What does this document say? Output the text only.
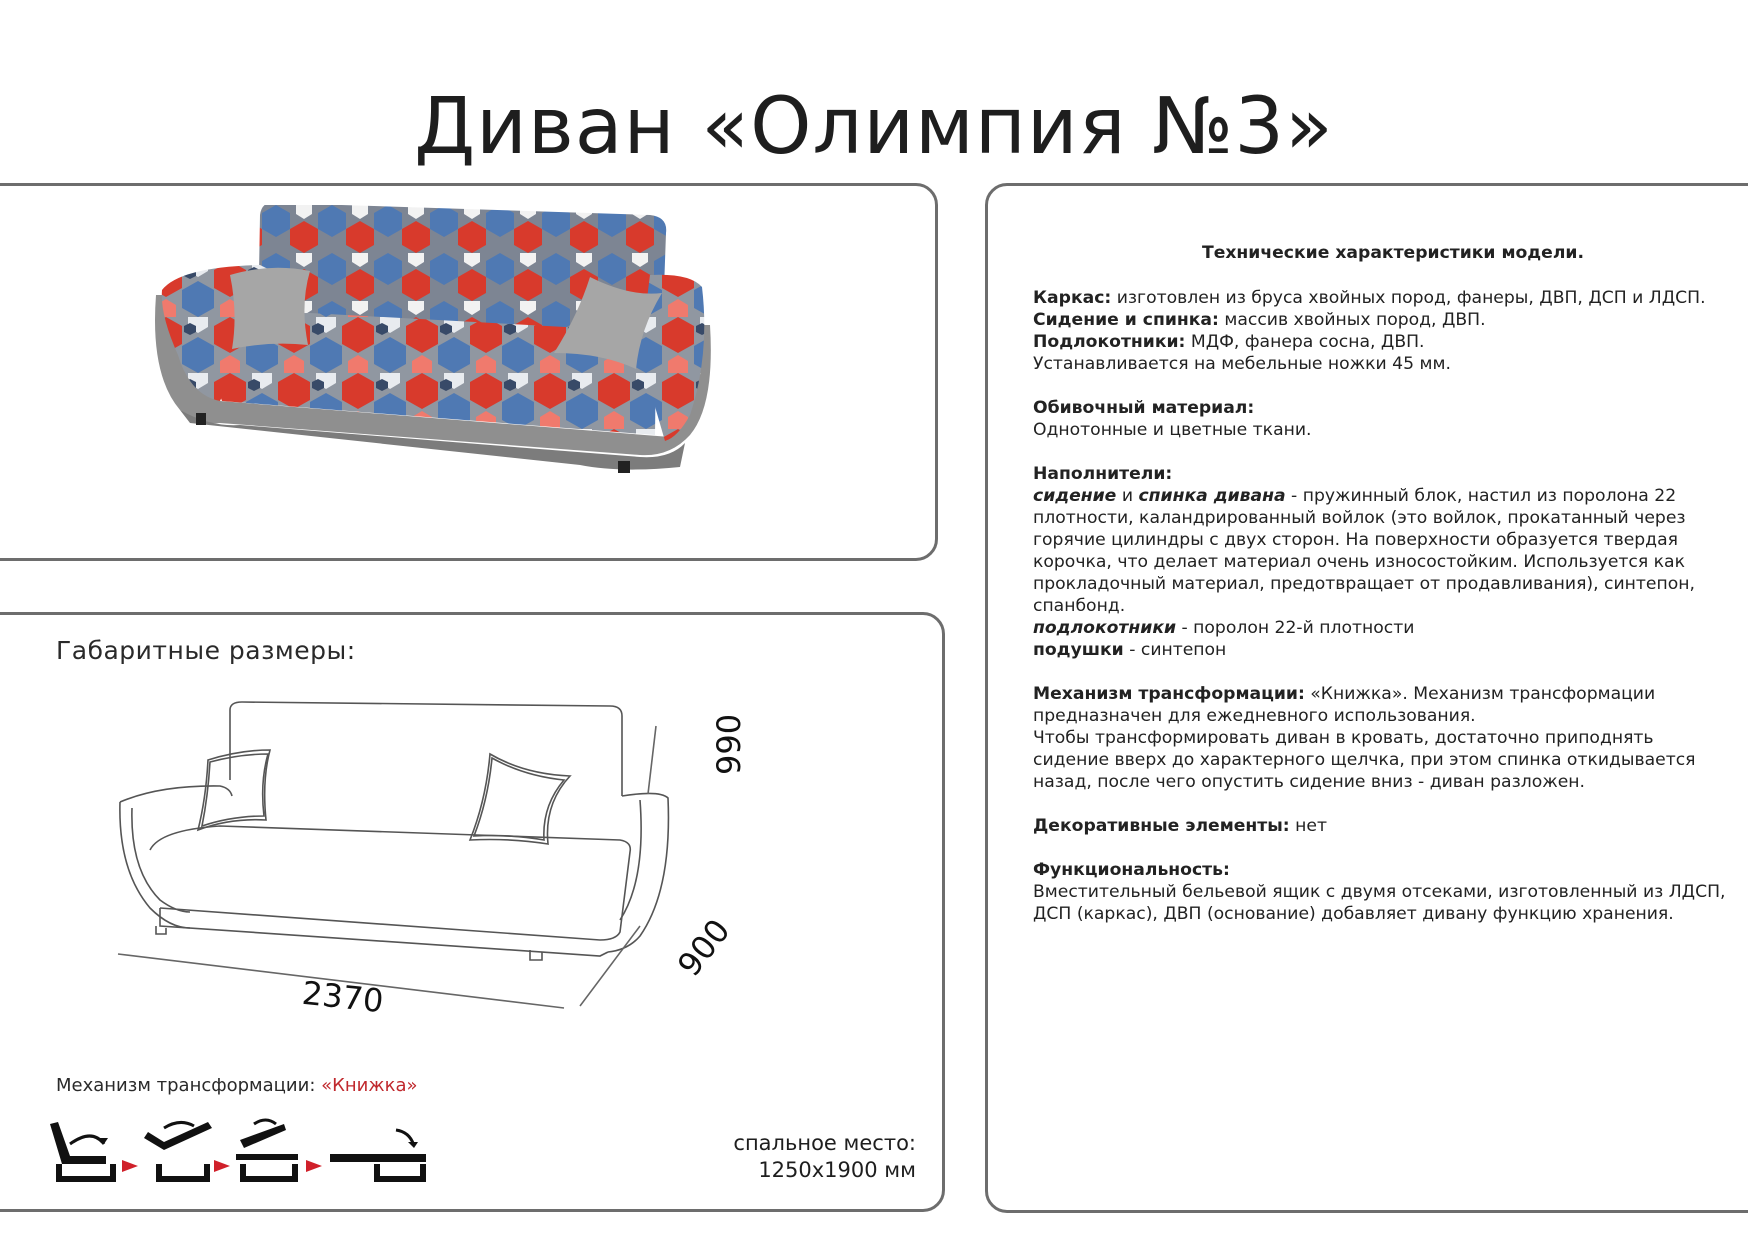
Диван «Олимпия №3»
Габаритные размеры:
2370
990
900
Механизм трансформации: «Книжка»
спальное место:
1250x1900 мм
Технические характеристики модели.

Каркас: изготовлен из бруса хвойных пород, фанеры, ДВП, ДСП и ЛДСП.
Сидение и спинка: массив хвойных пород, ДВП.
Подлокотники: МДФ, фанера сосна, ДВП.
Устанавливается на мебельные ножки 45 мм.

Обивочный материал:
Однотонные и цветные ткани.

Наполнители:
сидение и спинка дивана - пружинный блок, настил из поролона 22 плотности, каландрированный войлок (это войлок, прокатанный через горячие цилиндры с двух сторон. На поверхности образуется твердая корочка, что делает материал очень износостойким. Используется как прокладочный материал, предотвращает от продавливания), синтепон, спанбонд.
подлокотники - поролон 22-й плотности
подушки - синтепон

Механизм трансформации: «Книжка». Механизм трансформации предназначен для ежедневного использования.
Чтобы трансформировать диван в кровать, достаточно приподнять сидение вверх до характерного щелчка, при этом спинка откидывается назад, после чего опустить сидение вниз - диван разложен.

Декоративные элементы: нет

Функциональность:
Вместительный бельевой ящик с двумя отсеками, изготовленный из ЛДСП, ДСП (каркас), ДВП (основание) добавляет дивану функцию хранения.
